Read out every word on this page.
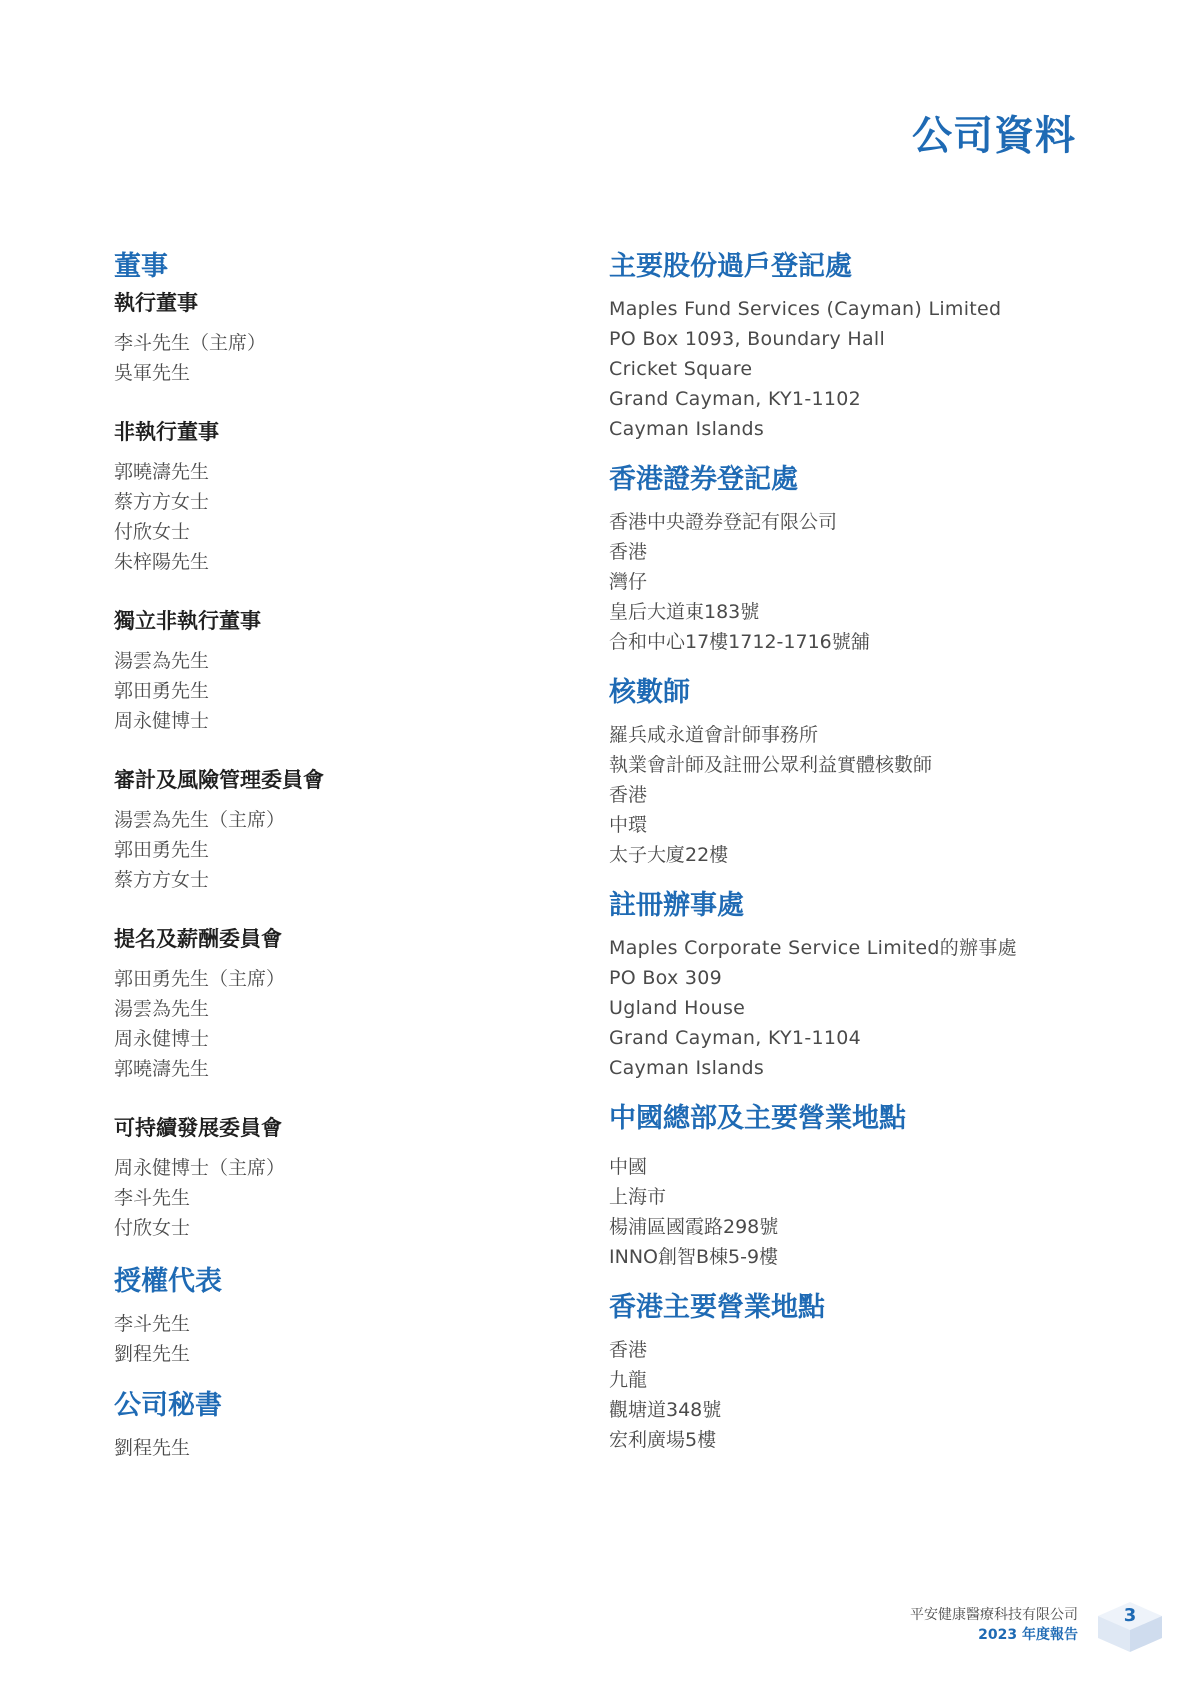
公司資料
董事
執行董事

李斗先生（主席）

吳軍先生

非執行董事

郭曉濤先生

蔡方方女士

付欣女士

朱梓陽先生

獨立非執行董事

湯雲為先生

郭田勇先生

周永健博士

審計及風險管理委員會

湯雲為先生（主席）

郭田勇先生

蔡方方女士

提名及薪酬委員會

郭田勇先生（主席）

湯雲為先生

周永健博士

郭曉濤先生

可持續發展委員會

周永健博士（主席）

李斗先生

付欣女士

授權代表

李斗先生

劉程先生

公司秘書

劉程先生

主要股份過戶登記處

Maples Fund Services (Cayman) Limited

PO Box 1093, Boundary Hall

Cricket Square

Grand Cayman, KY1-1102

Cayman Islands

香港證券登記處

香港中央證券登記有限公司

香港

灣仔

皇后大道東183號

合和中心17樓1712-1716號舖

核數師

羅兵咸永道會計師事務所

執業會計師及註冊公眾利益實體核數師

香港

中環

太子大廈22樓

註冊辦事處

Maples Corporate Service Limited的辦事處

PO Box 309

Ugland House

Grand Cayman, KY1-1104

Cayman Islands

中國總部及主要營業地點

中國

上海市

楊浦區國霞路298號

INNO創智B棟5-9樓

香港主要營業地點

香港

九龍

觀塘道348號

宏利廣場5樓

平安健康醫療科技有限公司

2023 年度報告

3
